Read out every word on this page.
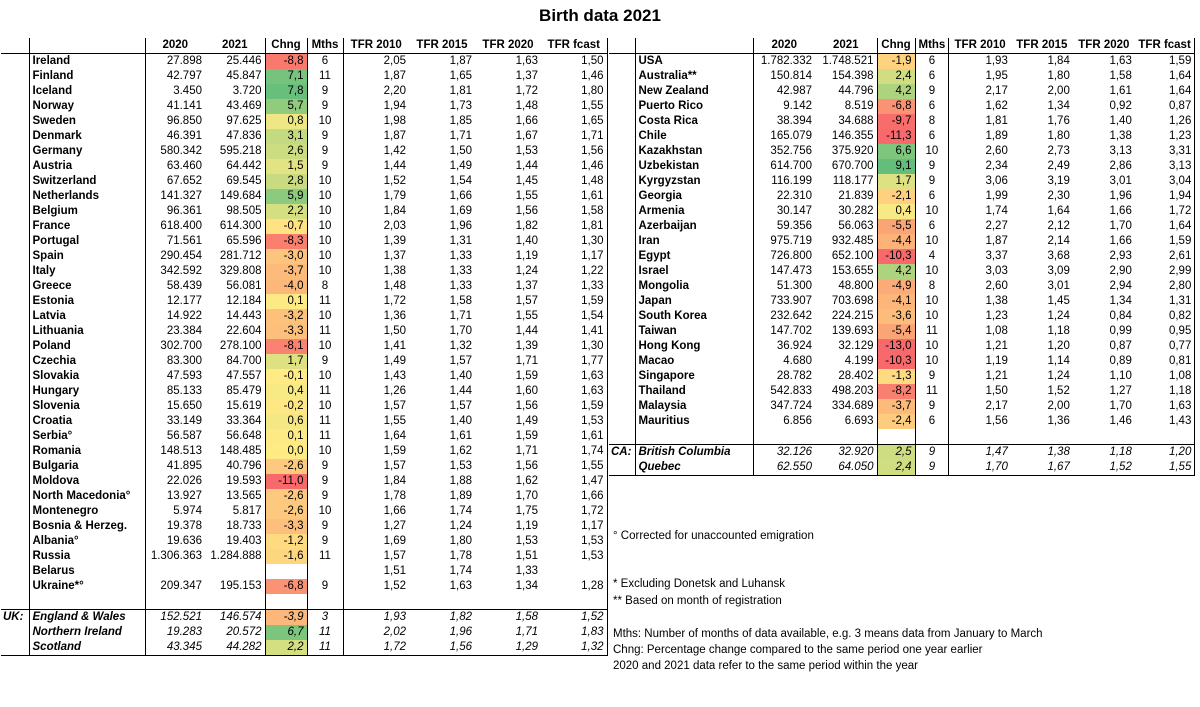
Birth data 2021
		2020	2021	Chng	Mths	TFR 2010	TFR 2015	TFR 2020	TFR fcast
	Ireland	27.898	25.446	-8,8	6	2,05	1,87	1,63	1,50
	Finland	42.797	45.847	7,1	11	1,87	1,65	1,37	1,46
	Iceland	3.450	3.720	7,8	9	2,20	1,81	1,72	1,80
	Norway	41.141	43.469	5,7	9	1,94	1,73	1,48	1,55
	Sweden	96.850	97.625	0,8	10	1,98	1,85	1,66	1,65
	Denmark	46.391	47.836	3,1	9	1,87	1,71	1,67	1,71
	Germany	580.342	595.218	2,6	9	1,42	1,50	1,53	1,56
	Austria	63.460	64.442	1,5	9	1,44	1,49	1,44	1,46
	Switzerland	67.652	69.545	2,8	10	1,52	1,54	1,45	1,48
	Netherlands	141.327	149.684	5,9	10	1,79	1,66	1,55	1,61
	Belgium	96.361	98.505	2,2	10	1,84	1,69	1,56	1,58
	France	618.400	614.300	-0,7	10	2,03	1,96	1,82	1,81
	Portugal	71.561	65.596	-8,3	10	1,39	1,31	1,40	1,30
	Spain	290.454	281.712	-3,0	10	1,37	1,33	1,19	1,17
	Italy	342.592	329.808	-3,7	10	1,38	1,33	1,24	1,22
	Greece	58.439	56.081	-4,0	8	1,48	1,33	1,37	1,33
	Estonia	12.177	12.184	0,1	11	1,72	1,58	1,57	1,59
	Latvia	14.922	14.443	-3,2	10	1,36	1,71	1,55	1,54
	Lithuania	23.384	22.604	-3,3	11	1,50	1,70	1,44	1,41
	Poland	302.700	278.100	-8,1	10	1,41	1,32	1,39	1,30
	Czechia	83.300	84.700	1,7	9	1,49	1,57	1,71	1,77
	Slovakia	47.593	47.557	-0,1	10	1,43	1,40	1,59	1,63
	Hungary	85.133	85.479	0,4	11	1,26	1,44	1,60	1,63
	Slovenia	15.650	15.619	-0,2	10	1,57	1,57	1,56	1,59
	Croatia	33.149	33.364	0,6	11	1,55	1,40	1,49	1,53
	Serbia°	56.587	56.648	0,1	11	1,64	1,61	1,59	1,61
	Romania	148.513	148.485	0,0	10	1,59	1,62	1,71	1,74
	Bulgaria	41.895	40.796	-2,6	9	1,57	1,53	1,56	1,55
	Moldova	22.026	19.593	-11,0	9	1,84	1,88	1,62	1,47
	North Macedonia°	13.927	13.565	-2,6	9	1,78	1,89	1,70	1,66
	Montenegro	5.974	5.817	-2,6	10	1,66	1,74	1,75	1,72
	Bosnia & Herzeg.	19.378	18.733	-3,3	9	1,27	1,24	1,19	1,17
	Albania°	19.636	19.403	-1,2	9	1,69	1,80	1,53	1,53
	Russia	1.306.363	1.284.888	-1,6	11	1,57	1,78	1,51	1,53
	Belarus					1,51	1,74	1,33	
	Ukraine*°	209.347	195.153	-6,8	9	1,52	1,63	1,34	1,28

UK:	England & Wales	152.521	146.574	-3,9	3	1,93	1,82	1,58	1,52
	Northern Ireland	19.283	20.572	6,7	11	2,02	1,96	1,71	1,83
	Scotland	43.345	44.282	2,2	11	1,72	1,56	1,29	1,32
		2020	2021	Chng	Mths	TFR 2010	TFR 2015	TFR 2020	TFR fcast
	USA	1.782.332	1.748.521	-1,9	6	1,93	1,84	1,63	1,59
	Australia**	150.814	154.398	2,4	6	1,95	1,80	1,58	1,64
	New Zealand	42.987	44.796	4,2	9	2,17	2,00	1,61	1,64
	Puerto Rico	9.142	8.519	-6,8	6	1,62	1,34	0,92	0,87
	Costa Rica	38.394	34.688	-9,7	8	1,81	1,76	1,40	1,26
	Chile	165.079	146.355	-11,3	6	1,89	1,80	1,38	1,23
	Kazakhstan	352.756	375.920	6,6	10	2,60	2,73	3,13	3,31
	Uzbekistan	614.700	670.700	9,1	9	2,34	2,49	2,86	3,13
	Kyrgyzstan	116.199	118.177	1,7	9	3,06	3,19	3,01	3,04
	Georgia	22.310	21.839	-2,1	6	1,99	2,30	1,96	1,94
	Armenia	30.147	30.282	0,4	10	1,74	1,64	1,66	1,72
	Azerbaijan	59.356	56.063	-5,5	6	2,27	2,12	1,70	1,64
	Iran	975.719	932.485	-4,4	10	1,87	2,14	1,66	1,59
	Egypt	726.800	652.100	-10,3	4	3,37	3,68	2,93	2,61
	Israel	147.473	153.655	4,2	10	3,03	3,09	2,90	2,99
	Mongolia	51.300	48.800	-4,9	8	2,60	3,01	2,94	2,80
	Japan	733.907	703.698	-4,1	10	1,38	1,45	1,34	1,31
	South Korea	232.642	224.215	-3,6	10	1,23	1,24	0,84	0,82
	Taiwan	147.702	139.693	-5,4	11	1,08	1,18	0,99	0,95
	Hong Kong	36.924	32.129	-13,0	10	1,21	1,20	0,87	0,77
	Macao	4.680	4.199	-10,3	10	1,19	1,14	0,89	0,81
	Singapore	28.782	28.402	-1,3	9	1,21	1,24	1,10	1,08
	Thailand	542.833	498.203	-8,2	11	1,50	1,52	1,27	1,18
	Malaysia	347.724	334.689	-3,7	9	2,17	2,00	1,70	1,63
	Mauritius	6.856	6.693	-2,4	6	1,56	1,36	1,46	1,43

CA:	British Columbia	32.126	32.920	2,5	9	1,47	1,38	1,18	1,20
	Quebec	62.550	64.050	2,4	9	1,70	1,67	1,52	1,55
° Corrected for unaccounted emigration
* Excluding Donetsk and Luhansk
** Based on month of registration
Mths: Number of months of data available, e.g. 3 means data from January to March
Chng: Percentage change compared to the same period one year earlier
2020 and 2021 data refer to the same period within the year
